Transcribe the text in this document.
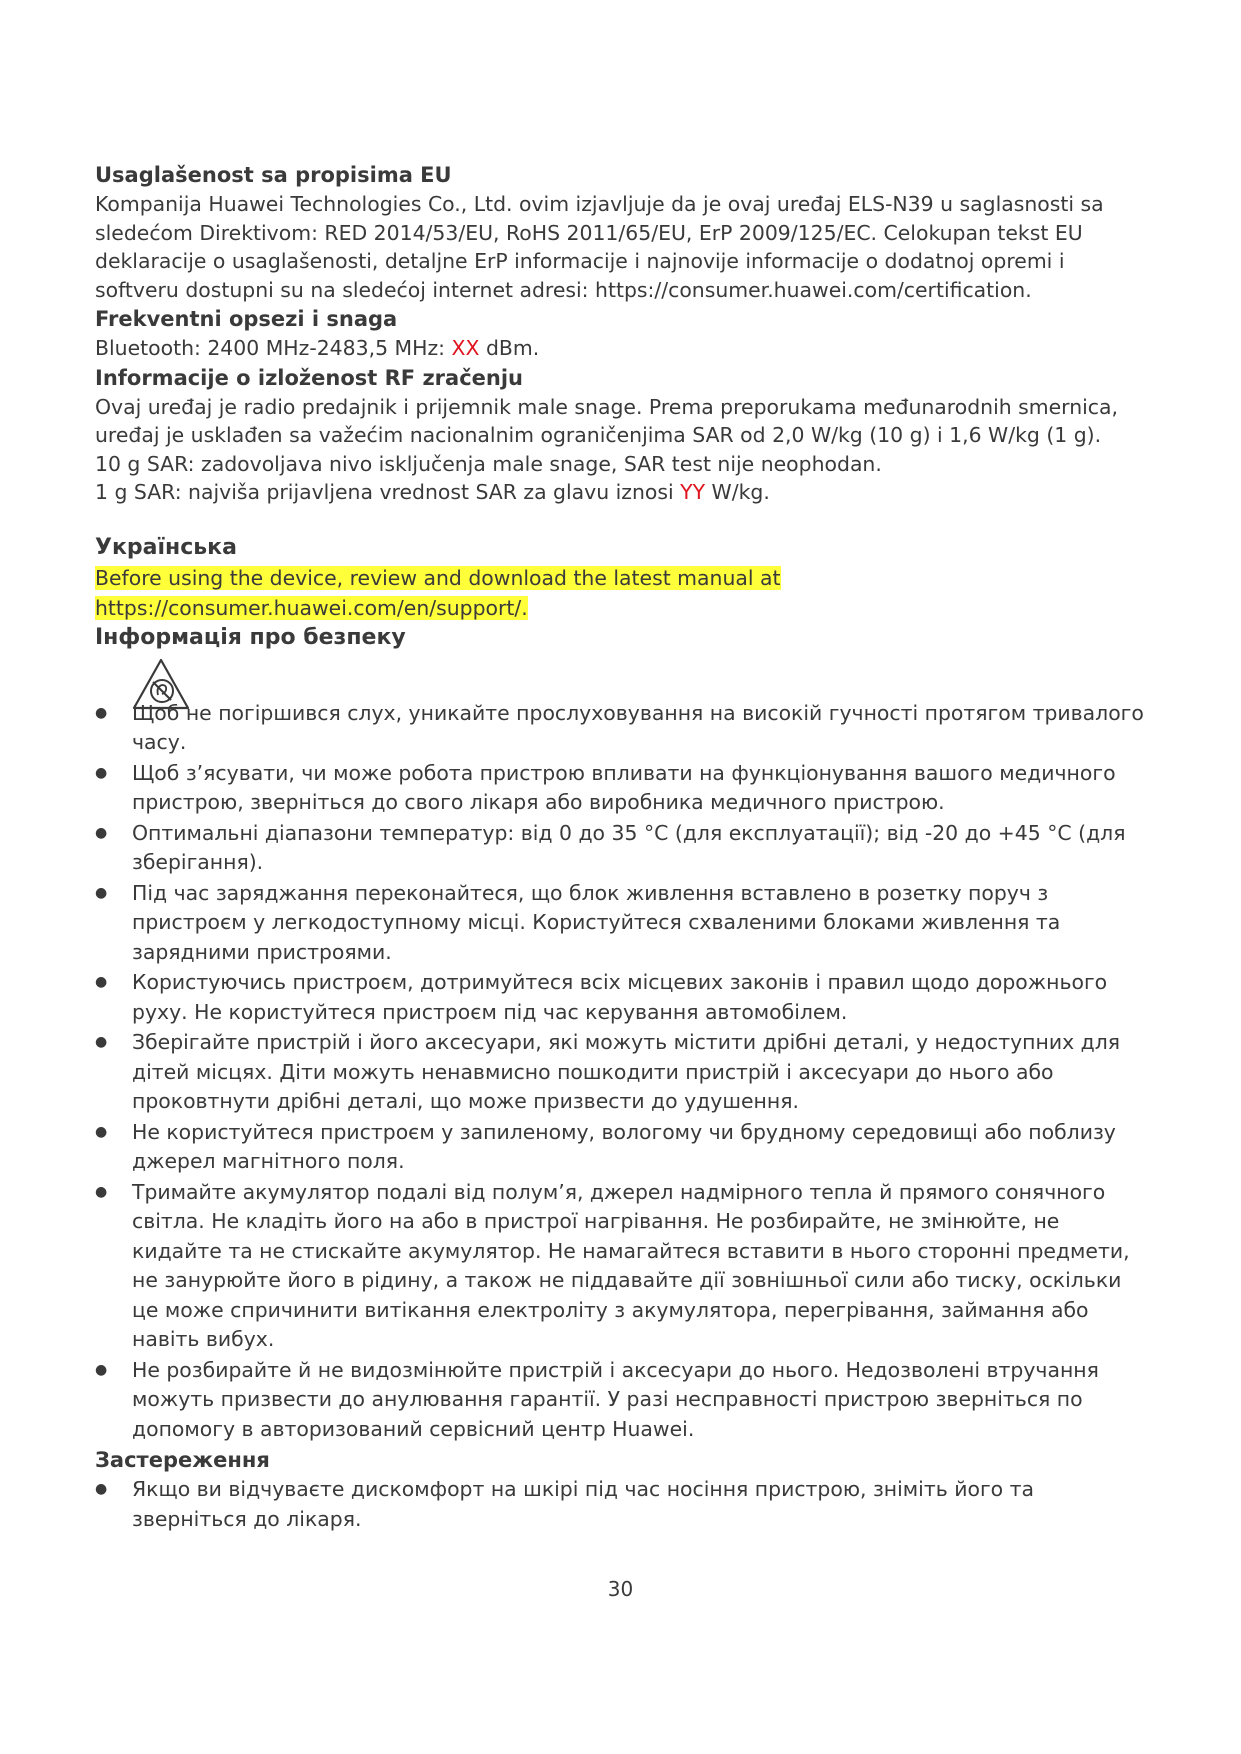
Usaglašenost sa propisima EU

Kompanija Huawei Technologies Co., Ltd. ovim izjavljuje da je ovaj uređaj ELS-N39 u saglasnosti sa sledećom Direktivom: RED 2014/53/EU, RoHS 2011/65/EU, ErP 2009/125/EC. Celokupan tekst EU deklaracije o usaglašenosti, detaljne ErP informacije i najnovije informacije o dodatnoj opremi i softveru dostupni su na sledećoj internet adresi: https://consumer.huawei.com/certification.

Frekventni opsezi i snaga

Bluetooth: 2400 MHz-2483,5 MHz: XX dBm.

Informacije o izloženost RF zračenju

Ovaj uređaj je radio predajnik i prijemnik male snage. Prema preporukama međunarodnih smernica, uređaj je usklađen sa važećim nacionalnim ograničenjima SAR od 2,0 W/kg (10 g) i 1,6 W/kg (1 g).

10 g SAR: zadovoljava nivo isključenja male snage, SAR test nije neophodan.

1 g SAR: najviša prijavljena vrednost SAR za glavu iznosi YY W/kg.

Українська
Before using the device, review and download the latest manual at
https://consumer.huawei.com/en/support/.
Інформація про безпеку
● Щоб не погіршився слух, уникайте прослуховування на високій гучності протягом тривалого часу.
● Щоб з’ясувати, чи може робота пристрою впливати на функціонування вашого медичного пристрою, зверніться до свого лікаря або виробника медичного пристрою.
● Оптимальні діапазони температур: від 0 до 35 °C (для експлуатації); від -20 до +45 °C (для зберігання).
● Під час заряджання переконайтеся, що блок живлення вставлено в розетку поруч з пристроєм у легкодоступному місці. Користуйтеся схваленими блоками живлення та зарядними пристроями.
● Користуючись пристроєм, дотримуйтеся всіх місцевих законів і правил щодо дорожнього руху. Не користуйтеся пристроєм під час керування автомобілем.
● Зберігайте пристрій і його аксесуари, які можуть містити дрібні деталі, у недоступних для дітей місцях. Діти можуть ненавмисно пошкодити пристрій і аксесуари до нього або проковтнути дрібні деталі, що може призвести до удушення.
● Не користуйтеся пристроєм у запиленому, вологому чи брудному середовищі або поблизу джерел магнітного поля.
● Тримайте акумулятор подалі від полум’я, джерел надмірного тепла й прямого сонячного світла. Не кладіть його на або в пристрої нагрівання. Не розбирайте, не змінюйте, не кидайте та не стискайте акумулятор. Не намагайтеся вставити в нього сторонні предмети, не занурюйте його в рідину, а також не піддавайте дії зовнішньої сили або тиску, оскільки це може спричинити витікання електроліту з акумулятора, перегрівання, займання або навіть вибух.
● Не розбирайте й не видозмінюйте пристрій і аксесуари до нього. Недозволені втручання можуть призвести до анулювання гарантії. У разі несправності пристрою зверніться по допомогу в авторизований сервісний центр Huawei.
Застереження
● Якщо ви відчуваєте дискомфорт на шкірі під час носіння пристрою, зніміть його та зверніться до лікаря.
30
